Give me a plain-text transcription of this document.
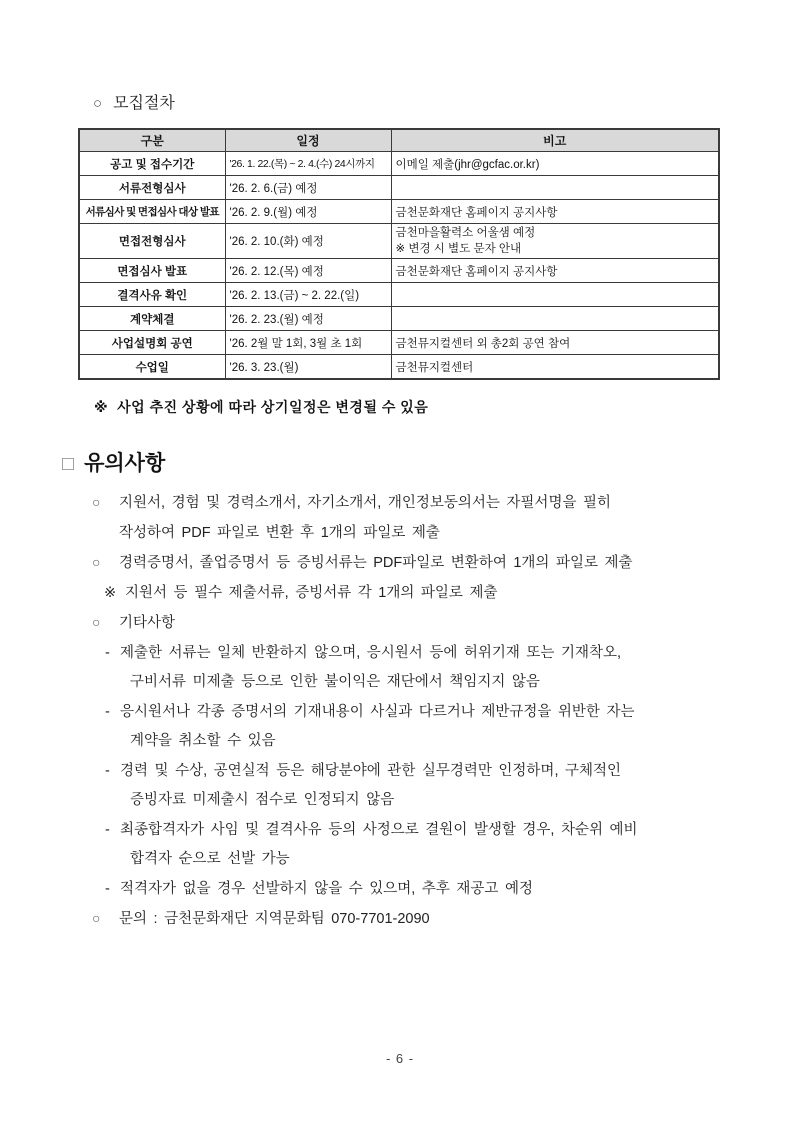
○ 모집절차
구분	일정	비고
공고 및 접수기간	'26. 1. 22.(목) ~ 2. 4.(수) 24시까지	이메일 제출(jhr@gcfac.or.kr)
서류전형심사	'26. 2. 6.(금) 예정	
서류심사 및 면접심사 대상 발표	'26. 2. 9.(월) 예정	금천문화재단 홈페이지 공지사항
면접전형심사	'26. 2. 10.(화) 예정	금천마을활력소 어울샘 예정
※ 변경 시 별도 문자 안내

면접심사 발표	'26. 2. 12.(목) 예정	금천문화재단 홈페이지 공지사항
결격사유 확인	'26. 2. 13.(금) ~ 2. 22.(일)	
계약체결	'26. 2. 23.(월) 예정	
사업설명회 공연	'26. 2월 말 1회, 3월 초 1회	금천뮤지컬센터 외 총2회 공연 참여
수업일	'26. 3. 23.(월)	금천뮤지컬센터
※ 사업 추진 상황에 따라 상기일정은 변경될 수 있음
□ 유의사항
○ 지원서, 경험 및 경력소개서, 자기소개서, 개인정보동의서는 자필서명을 필히
작성하여 PDF 파일로 변환 후 1개의 파일로 제출
○ 경력증명서, 졸업증명서 등 증빙서류는 PDF파일로 변환하여 1개의 파일로 제출
※ 지원서 등 필수 제출서류, 증빙서류 각 1개의 파일로 제출
○ 기타사항
- 제출한 서류는 일체 반환하지 않으며, 응시원서 등에 허위기재 또는 기재착오,
구비서류 미제출 등으로 인한 불이익은 재단에서 책임지지 않음
- 응시원서나 각종 증명서의 기재내용이 사실과 다르거나 제반규정을 위반한 자는
계약을 취소할 수 있음
- 경력 및 수상, 공연실적 등은 해당분야에 관한 실무경력만 인정하며, 구체적인
증빙자료 미제출시 점수로 인정되지 않음
- 최종합격자가 사임 및 결격사유 등의 사정으로 결원이 발생할 경우, 차순위 예비
합격자 순으로 선발 가능
- 적격자가 없을 경우 선발하지 않을 수 있으며, 추후 재공고 예정
○ 문의 : 금천문화재단 지역문화팀 070-7701-2090
- 6 -
